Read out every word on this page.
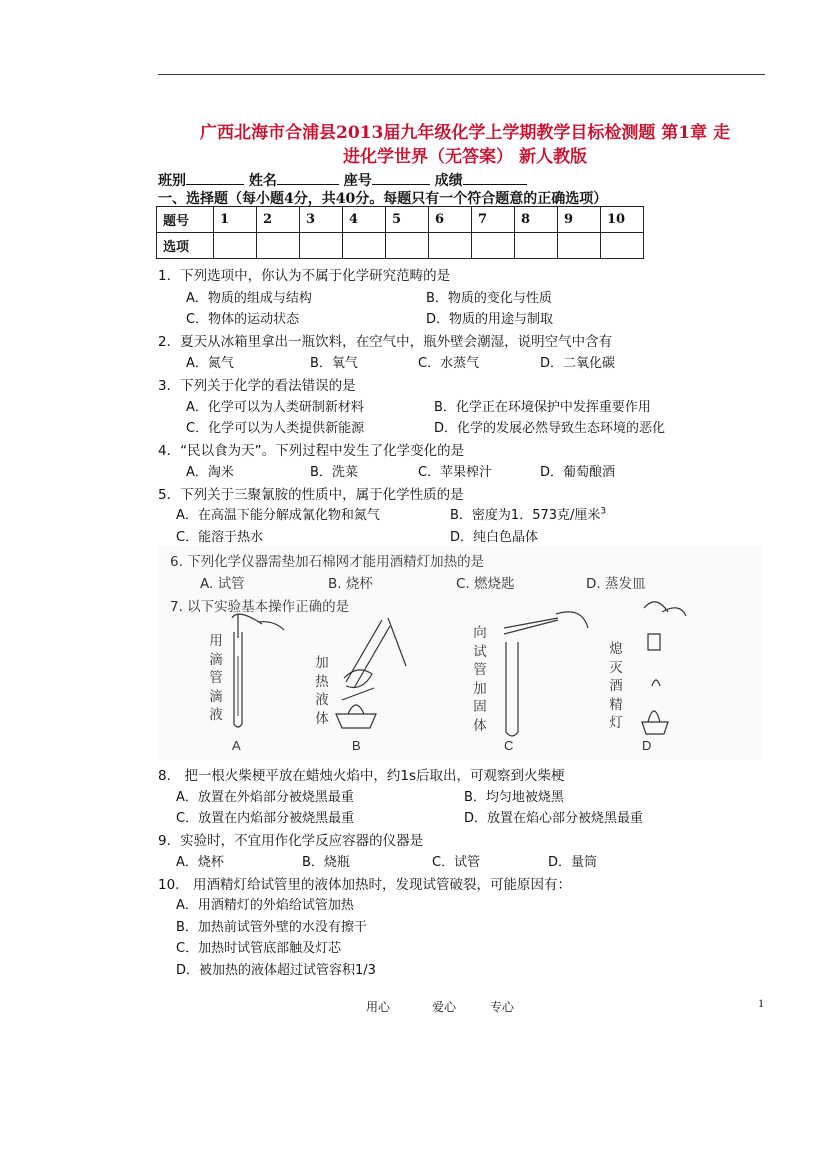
广西北海市合浦县2013届九年级化学上学期教学目标检测题 第1章 走
进化学世界（无答案） 新人教版
班别	姓名	座号	成绩
一、选择题（每小题4分，共40分。每题只有一个符合题意的正确选项）
题号	1	2	3	4	5	6	7	8	9	10
选项										
1．下列选项中，你认为不属于化学研究范畴的是
A．物质的组成与结构	B．物质的变化与性质
C．物体的运动状态	D．物质的用途与制取
2．夏天从冰箱里拿出一瓶饮料，在空气中，瓶外壁会潮湿，说明空气中含有
A．氮气	B．氧气	C．水蒸气	D．二氧化碳
3．下列关于化学的看法错误的是
A．化学可以为人类研制新材料	B．化学正在环境保护中发挥重要作用
C．化学可以为人类提供新能源	D．化学的发展必然导致生态环境的恶化
4．“民以食为天”。下列过程中发生了化学变化的是
A．淘米	B．洗菜	C．苹果榨汁	D．葡萄酿酒
5．下列关于三聚氰胺的性质中，属于化学性质的是
A．在高温下能分解成氰化物和氮气	B．密度为1．573克/厘米$^3$
C．能溶于热水	D．纯白色晶体
6. 下列化学仪器需垫加石棉网才能用酒精灯加热的是
A. 试管	B. 烧杯	C. 燃烧匙	D. 蒸发皿
7. 以下实验基本操作正确的是
用
滴
管
滴
液
加
热
液
体
向
试
管
加
固
体
熄
灭
酒
精
灯
A	B	C	D
8． 把一根火柴梗平放在蜡烛火焰中，约1s后取出，可观察到火柴梗
A．放置在外焰部分被烧黑最重	B．均匀地被烧黑
C．放置在内焰部分被烧黑最重	D．放置在焰心部分被烧黑最重
9．实验时，不宜用作化学反应容器的仪器是
A．烧杯	B．烧瓶	C．试管	D．量筒
10． 用酒精灯给试管里的液体加热时，发现试管破裂，可能原因有：
A．用酒精灯的外焰给试管加热
B．加热前试管外壁的水没有擦干
C．加热时试管底部触及灯芯
D．被加热的液体超过试管容积1/3
用心	爱心	专心	1
